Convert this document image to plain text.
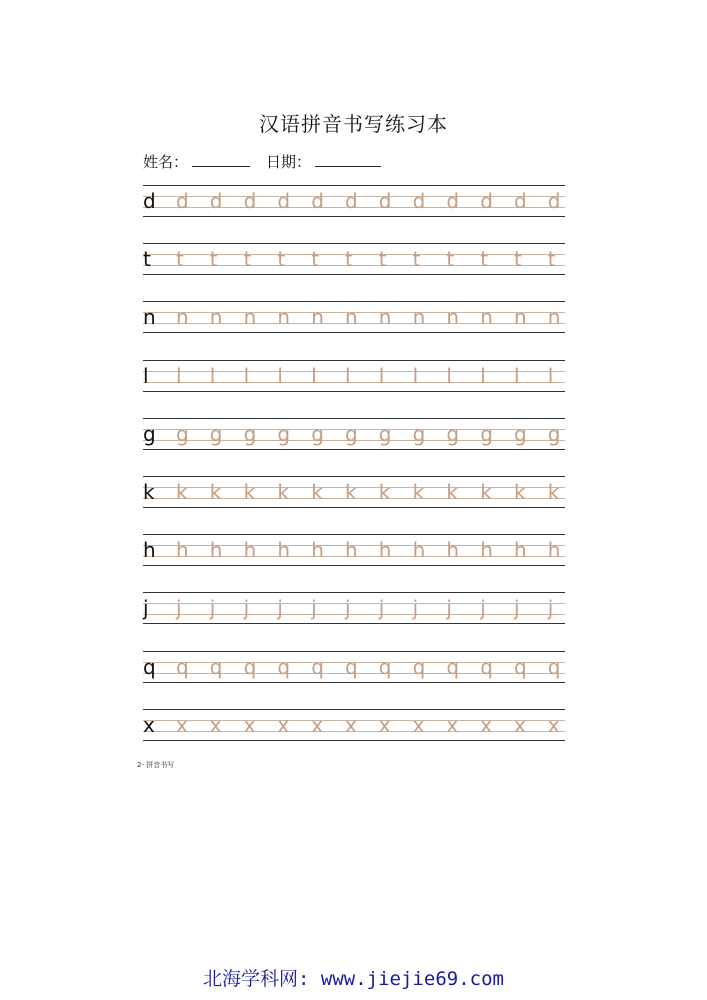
汉语拼音书写练习本
姓名：	日期：
d d d d d d d d d d d d d
t t t t t t t t t t t t t
n n n n n n n n n n n n n
l l l l l l l l l l l l l
g g g g g g g g g g g g g
k k k k k k k k k k k k k
h h h h h h h h h h h h h
j j j j j j j j j j j j j
q q q q q q q q q q q q q
x x x x x x x x x x x x x
2- 拼音书写
北海学科网: www.jiejie69.com
